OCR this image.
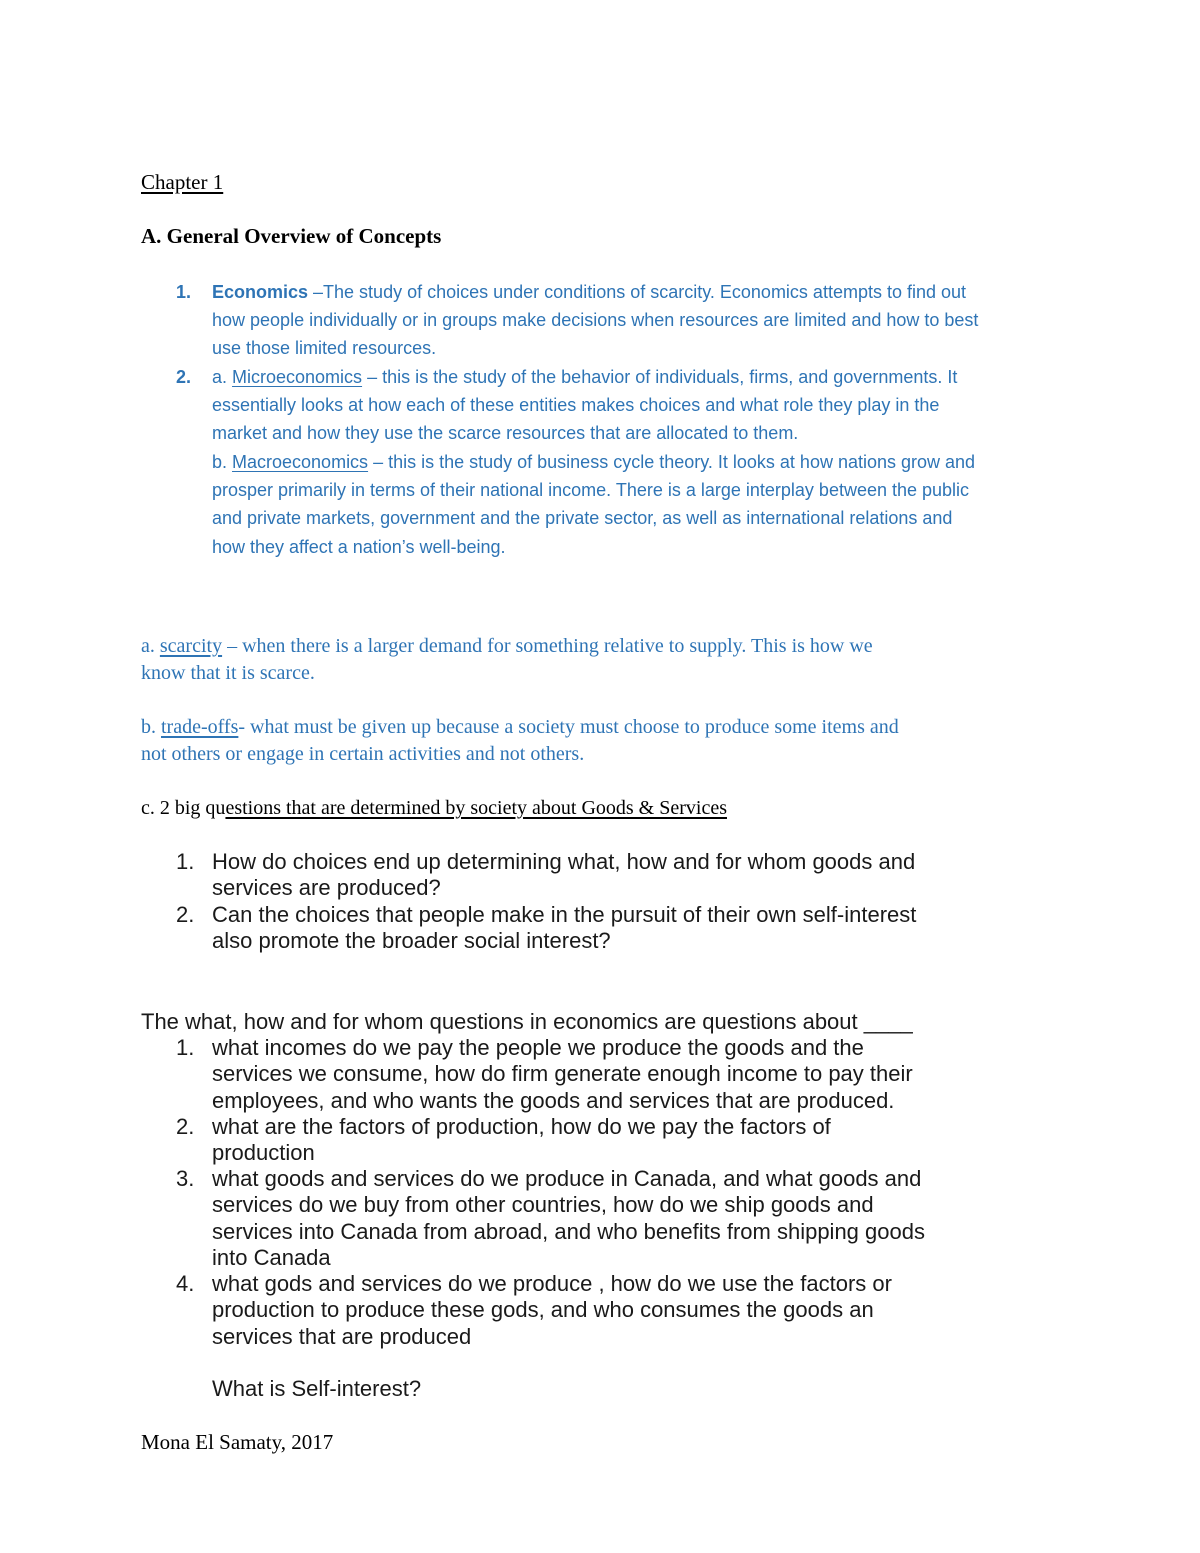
Chapter 1
A. General Overview of Concepts
1. Economics –The study of choices under conditions of scarcity. Economics attempts to find out
how people individually or in groups make decisions when resources are limited and how to best
use those limited resources.
2. a. Microeconomics – this is the study of the behavior of individuals, firms, and governments. It
essentially looks at how each of these entities makes choices and what role they play in the
market and how they use the scarce resources that are allocated to them.
b. Macroeconomics – this is the study of business cycle theory. It looks at how nations grow and
prosper primarily in terms of their national income. There is a large interplay between the public
and private markets, government and the private sector, as well as international relations and
how they affect a nation’s well-being.
a. scarcity – when there is a larger demand for something relative to supply. This is how we
know that it is scarce.
b. trade-offs- what must be given up because a society must choose to produce some items and
not others or engage in certain activities and not others.
c. 2 big questions that are determined by society about Goods & Services
1. How do choices end up determining what, how and for whom goods and
services are produced?
2. Can the choices that people make in the pursuit of their own self-interest
also promote the broader social interest?
The what, how and for whom questions in economics are questions about ____
1. what incomes do we pay the people we produce the goods and the
services we consume, how do firm generate enough income to pay their
employees, and who wants the goods and services that are produced.
2. what are the factors of production, how do we pay the factors of
production
3. what goods and services do we produce in Canada, and what goods and
services do we buy from other countries, how do we ship goods and
services into Canada from abroad, and who benefits from shipping goods
into Canada
4. what gods and services do we produce , how do we use the factors or
production to produce these gods, and who consumes the goods an
services that are produced
What is Self-interest?
Mona El Samaty, 2017
